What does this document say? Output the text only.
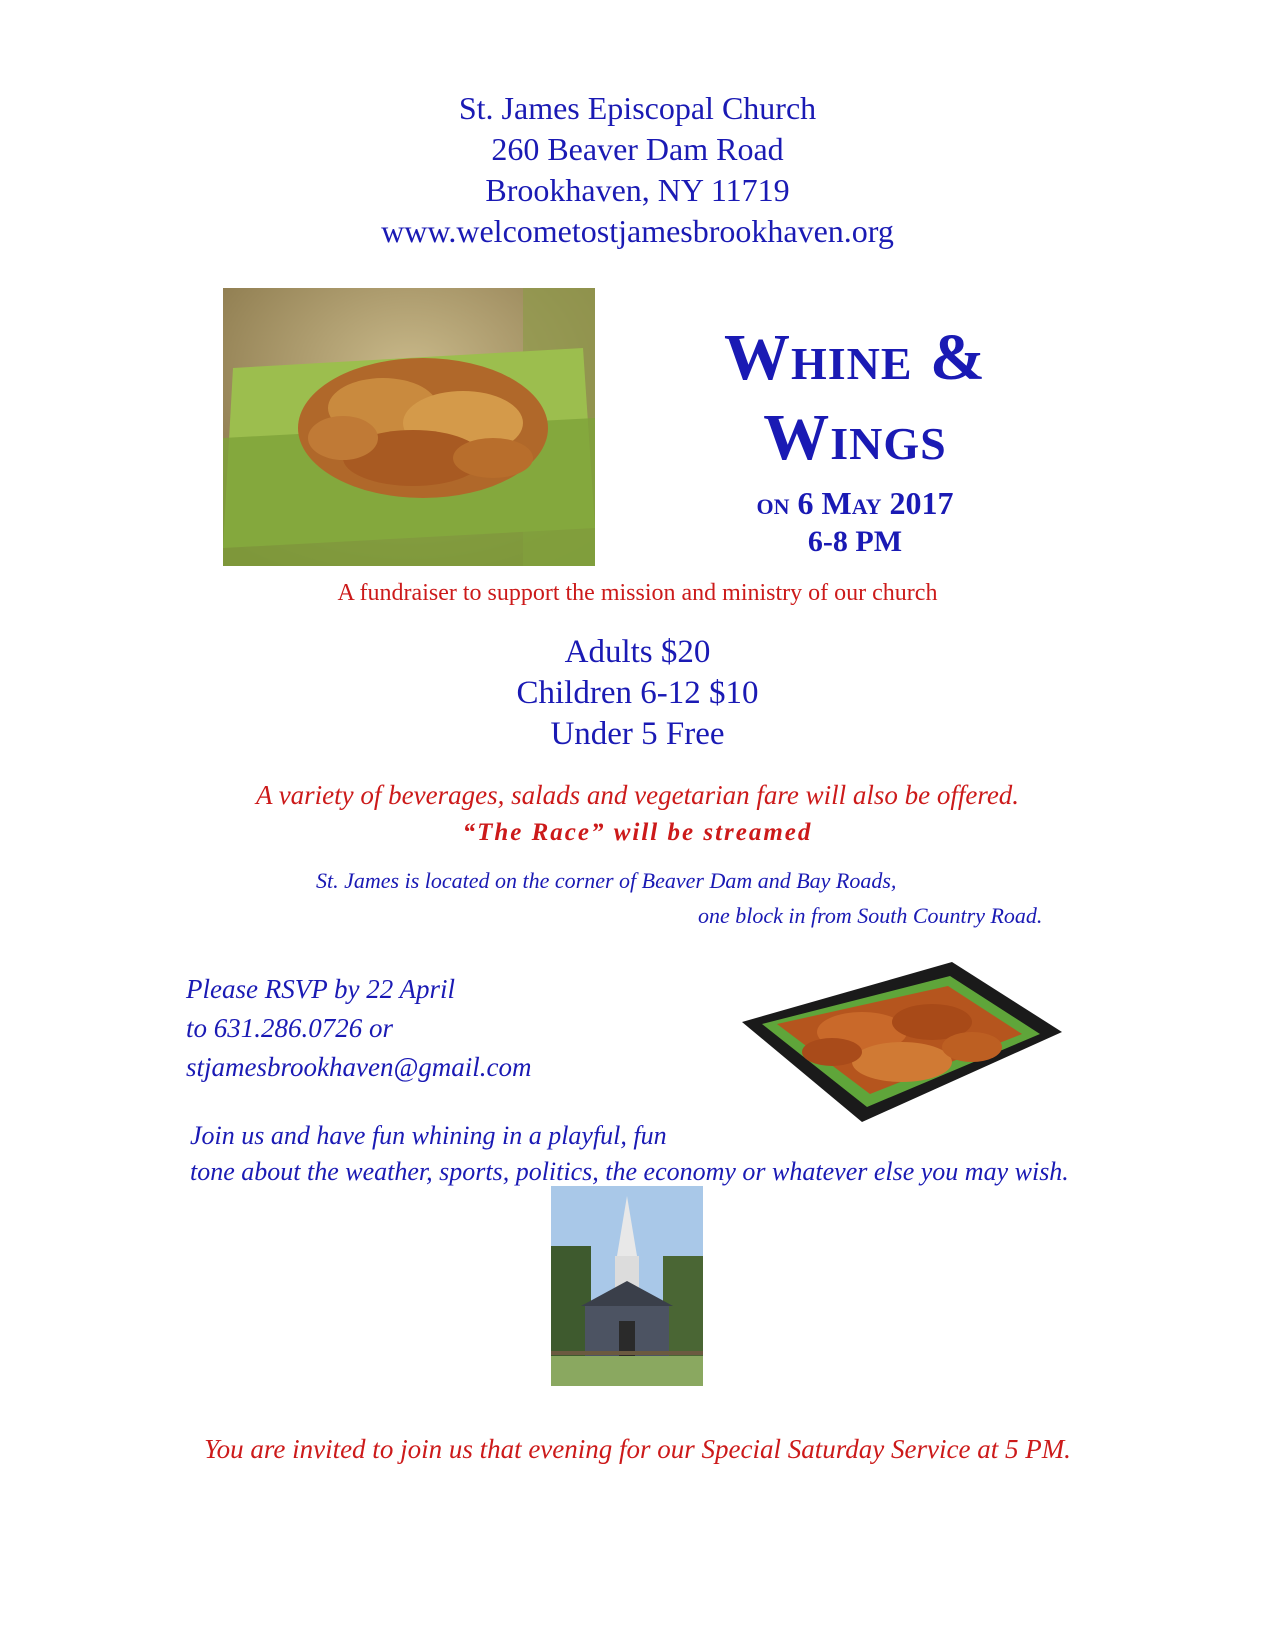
St. James Episcopal Church
260 Beaver Dam Road
Brookhaven, NY 11719
www.welcometostjamesbrookhaven.org
Whine &
Wings
on 6 May 2017
6-8 PM
A fundraiser to support the mission and ministry of our church
Adults $20
Children 6-12 $10
Under 5 Free
A variety of beverages, salads and vegetarian fare will also be offered.
“The Race” will be streamed
St. James is located on the corner of Beaver Dam and Bay Roads,
one block in from South Country Road.
Please RSVP by 22 April
to 631.286.0726 or
stjamesbrookhaven@gmail.com
Join us and have fun whining in a playful, fun
tone about the weather, sports, politics, the economy or whatever else you may wish.
You are invited to join us that evening for our Special Saturday Service at 5 PM.
